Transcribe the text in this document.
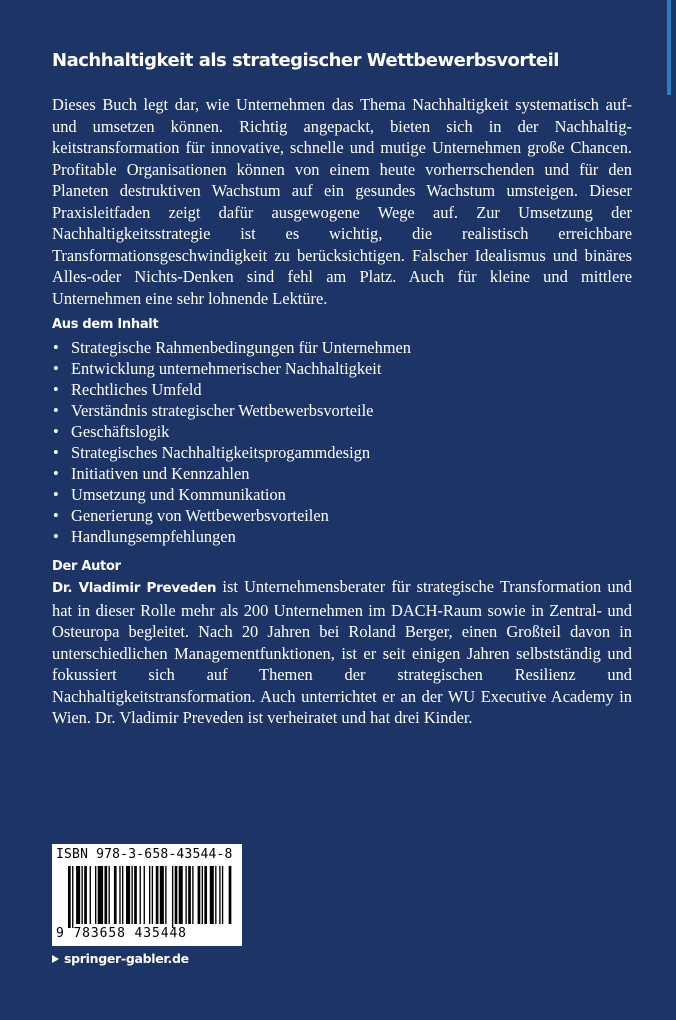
Nachhaltigkeit als strategischer Wettbewerbsvorteil
Dieses Buch legt dar, wie Unternehmen das Thema Nachhaltigkeit systematisch auf- und umsetzen können. Richtig angepackt, bieten sich in der Nachhaltigkeitstransformation für innovative, schnelle und mutige Unternehmen große Chancen. Profitable Organisationen können von einem heute vorherrschenden und für den Planeten destruktiven Wachstum auf ein gesundes Wachstum umsteigen. Dieser Praxisleitfaden zeigt dafür ausgewogene Wege auf. Zur Umsetzung der Nachhaltigkeitsstrategie ist es wichtig, die realistisch erreichbare Transformationsgeschwindigkeit zu berücksichtigen. Falscher Idealismus und binäres Alles-oder Nichts-Denken sind fehl am Platz. Auch für kleine und mittlere Unternehmen eine sehr lohnende Lektüre.
Aus dem Inhalt
• Strategische Rahmenbedingungen für Unternehmen
• Entwicklung unternehmerischer Nachhaltigkeit
• Rechtliches Umfeld
• Verständnis strategischer Wettbewerbsvorteile
• Geschäftslogik
• Strategisches Nachhaltigkeitsprogammdesign
• Initiativen und Kennzahlen
• Umsetzung und Kommunikation
• Generierung von Wettbewerbsvorteilen
• Handlungsempfehlungen
Der Autor
Dr. Vladimir Preveden ist Unternehmensberater für strategische Transformation und hat in dieser Rolle mehr als 200 Unternehmen im DACH-Raum sowie in Zentral- und Osteuropa begleitet. Nach 20 Jahren bei Roland Berger, einen Großteil davon in unterschiedlichen Managementfunktionen, ist er seit einigen Jahren selbstständig und fokussiert sich auf Themen der strategischen Resilienz und Nachhaltigkeitstransformation. Auch unterrichtet er an der WU Executive Academy in Wien. Dr. Vladimir Preveden ist verheiratet und hat drei Kinder.
ISBN 978-3-658-43544-8
9 783658 435448
springer-gabler.de
